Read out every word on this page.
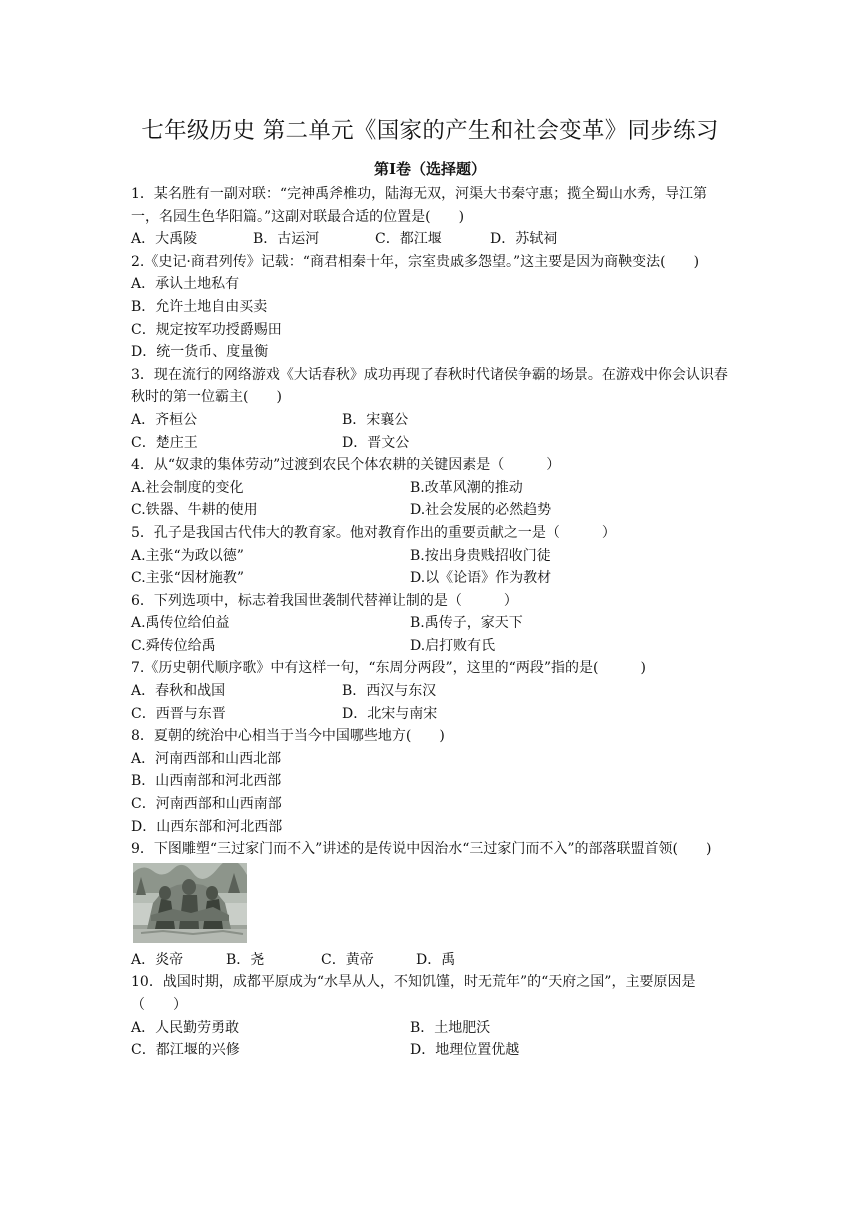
七年级历史 第二单元《国家的产生和社会变革》同步练习
第Ⅰ卷（选择题）
1．某名胜有一副对联：“完神禹斧椎功，陆海无双，河渠大书秦守惠；揽全蜀山水秀，导江第一，名园生色华阳篇。”这副对联最合适的位置是(　　)
A．大禹陵	B．古运河	C．都江堰	D．苏轼祠
2.《史记·商君列传》记载：“商君相秦十年，宗室贵戚多怨望。”这主要是因为商鞅变法(　　)
A．承认土地私有
B．允许土地自由买卖
C．规定按军功授爵赐田
D．统一货币、度量衡
3．现在流行的网络游戏《大话春秋》成功再现了春秋时代诸侯争霸的场景。在游戏中你会认识春秋时的第一位霸主(　　)
A．齐桓公	B．宋襄公
C．楚庄王	D．晋文公
4．从“奴隶的集体劳动”过渡到农民个体农耕的关键因素是（　　　）
A.社会制度的变化	B.改革风潮的推动
C.铁器、牛耕的使用	D.社会发展的必然趋势
5．孔子是我国古代伟大的教育家。他对教育作出的重要贡献之一是（　　　）
A.主张“为政以德”	B.按出身贵贱招收门徒
C.主张“因材施教”	D.以《论语》作为教材
6．下列选项中，标志着我国世袭制代替禅让制的是（　　　）
A.禹传位给伯益	B.禹传子，家天下
C.舜传位给禹	D.启打败有氏
7.《历史朝代顺序歌》中有这样一句，“东周分两段”，这里的“两段”指的是(　　　)
A．春秋和战国	B．西汉与东汉
C．西晋与东晋	D．北宋与南宋
8．夏朝的统治中心相当于当今中国哪些地方(　　)
A．河南西部和山西北部
B．山西南部和河北西部
C．河南西部和山西南部
D．山西东部和河北西部
9．下图雕塑“三过家门而不入”讲述的是传说中因治水“三过家门而不入”的部落联盟首领(　　)
A．炎帝	B．尧	C．黄帝	D．禹
10．战国时期，成都平原成为“水旱从人，不知饥馑，时无荒年”的“天府之国”，主要原因是（　　）
A．人民勤劳勇敢	B．土地肥沃
C．都江堰的兴修	D．地理位置优越
